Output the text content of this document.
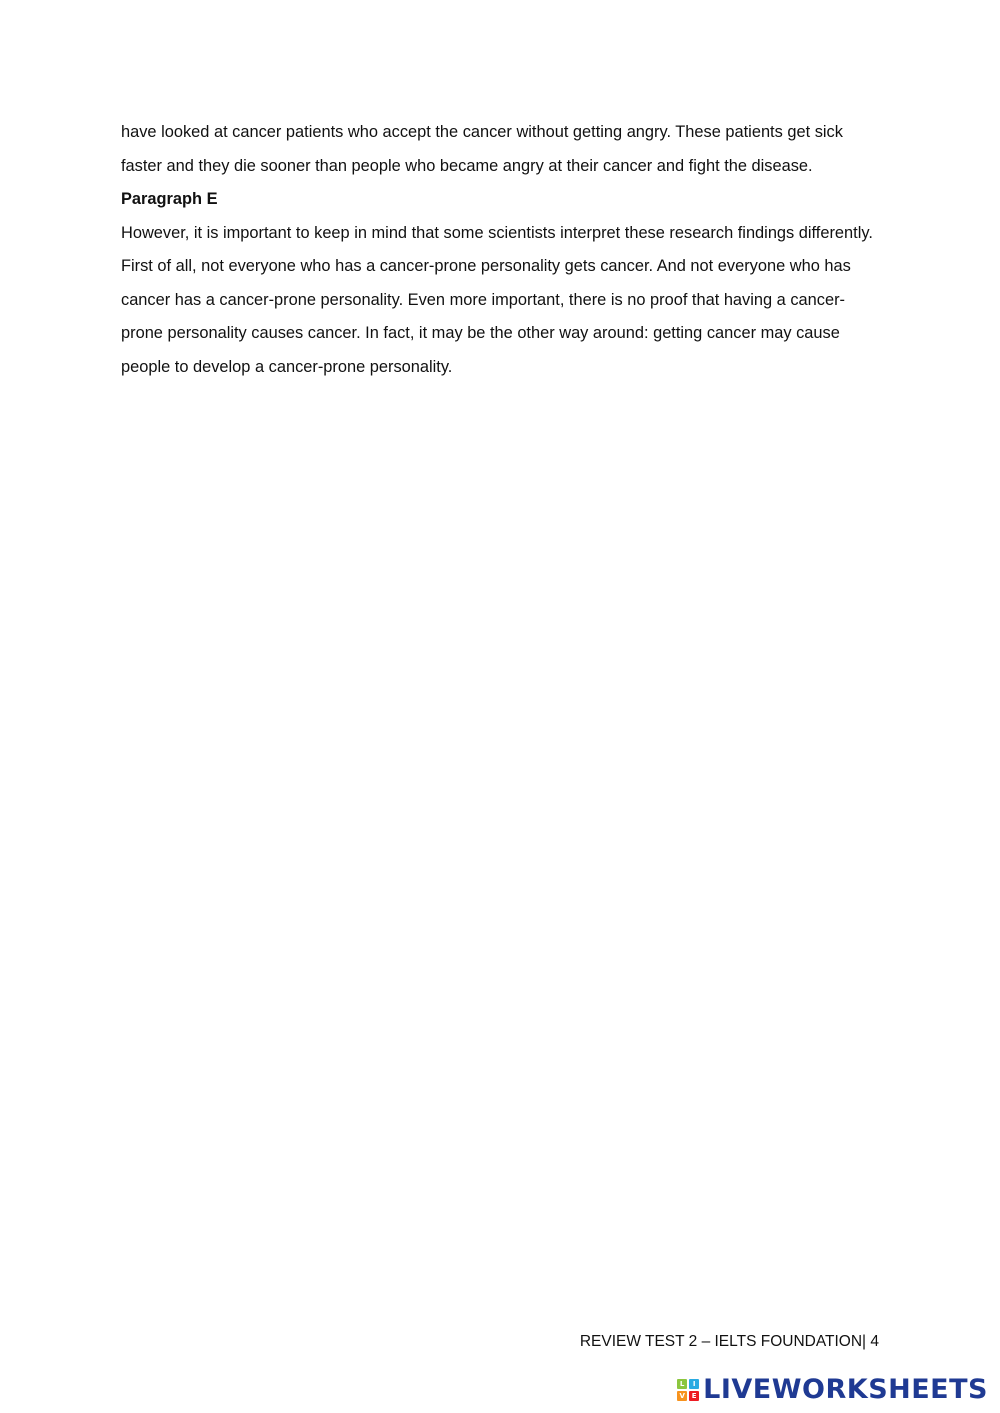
have looked at cancer patients who accept the cancer without getting angry. These patients get sick faster and they die sooner than people who became angry at their cancer and fight the disease.

Paragraph E

However, it is important to keep in mind that some scientists interpret these research findings differently. First of all, not everyone who has a cancer-prone personality gets cancer. And not everyone who has cancer has a cancer-prone personality. Even more important, there is no proof that having a cancer-prone personality causes cancer. In fact, it may be the other way around: getting cancer may cause people to develop a cancer-prone personality.

REVIEW TEST 2 – IELTS FOUNDATION| 4
L	I
V E LIVEWORKSHEETS
